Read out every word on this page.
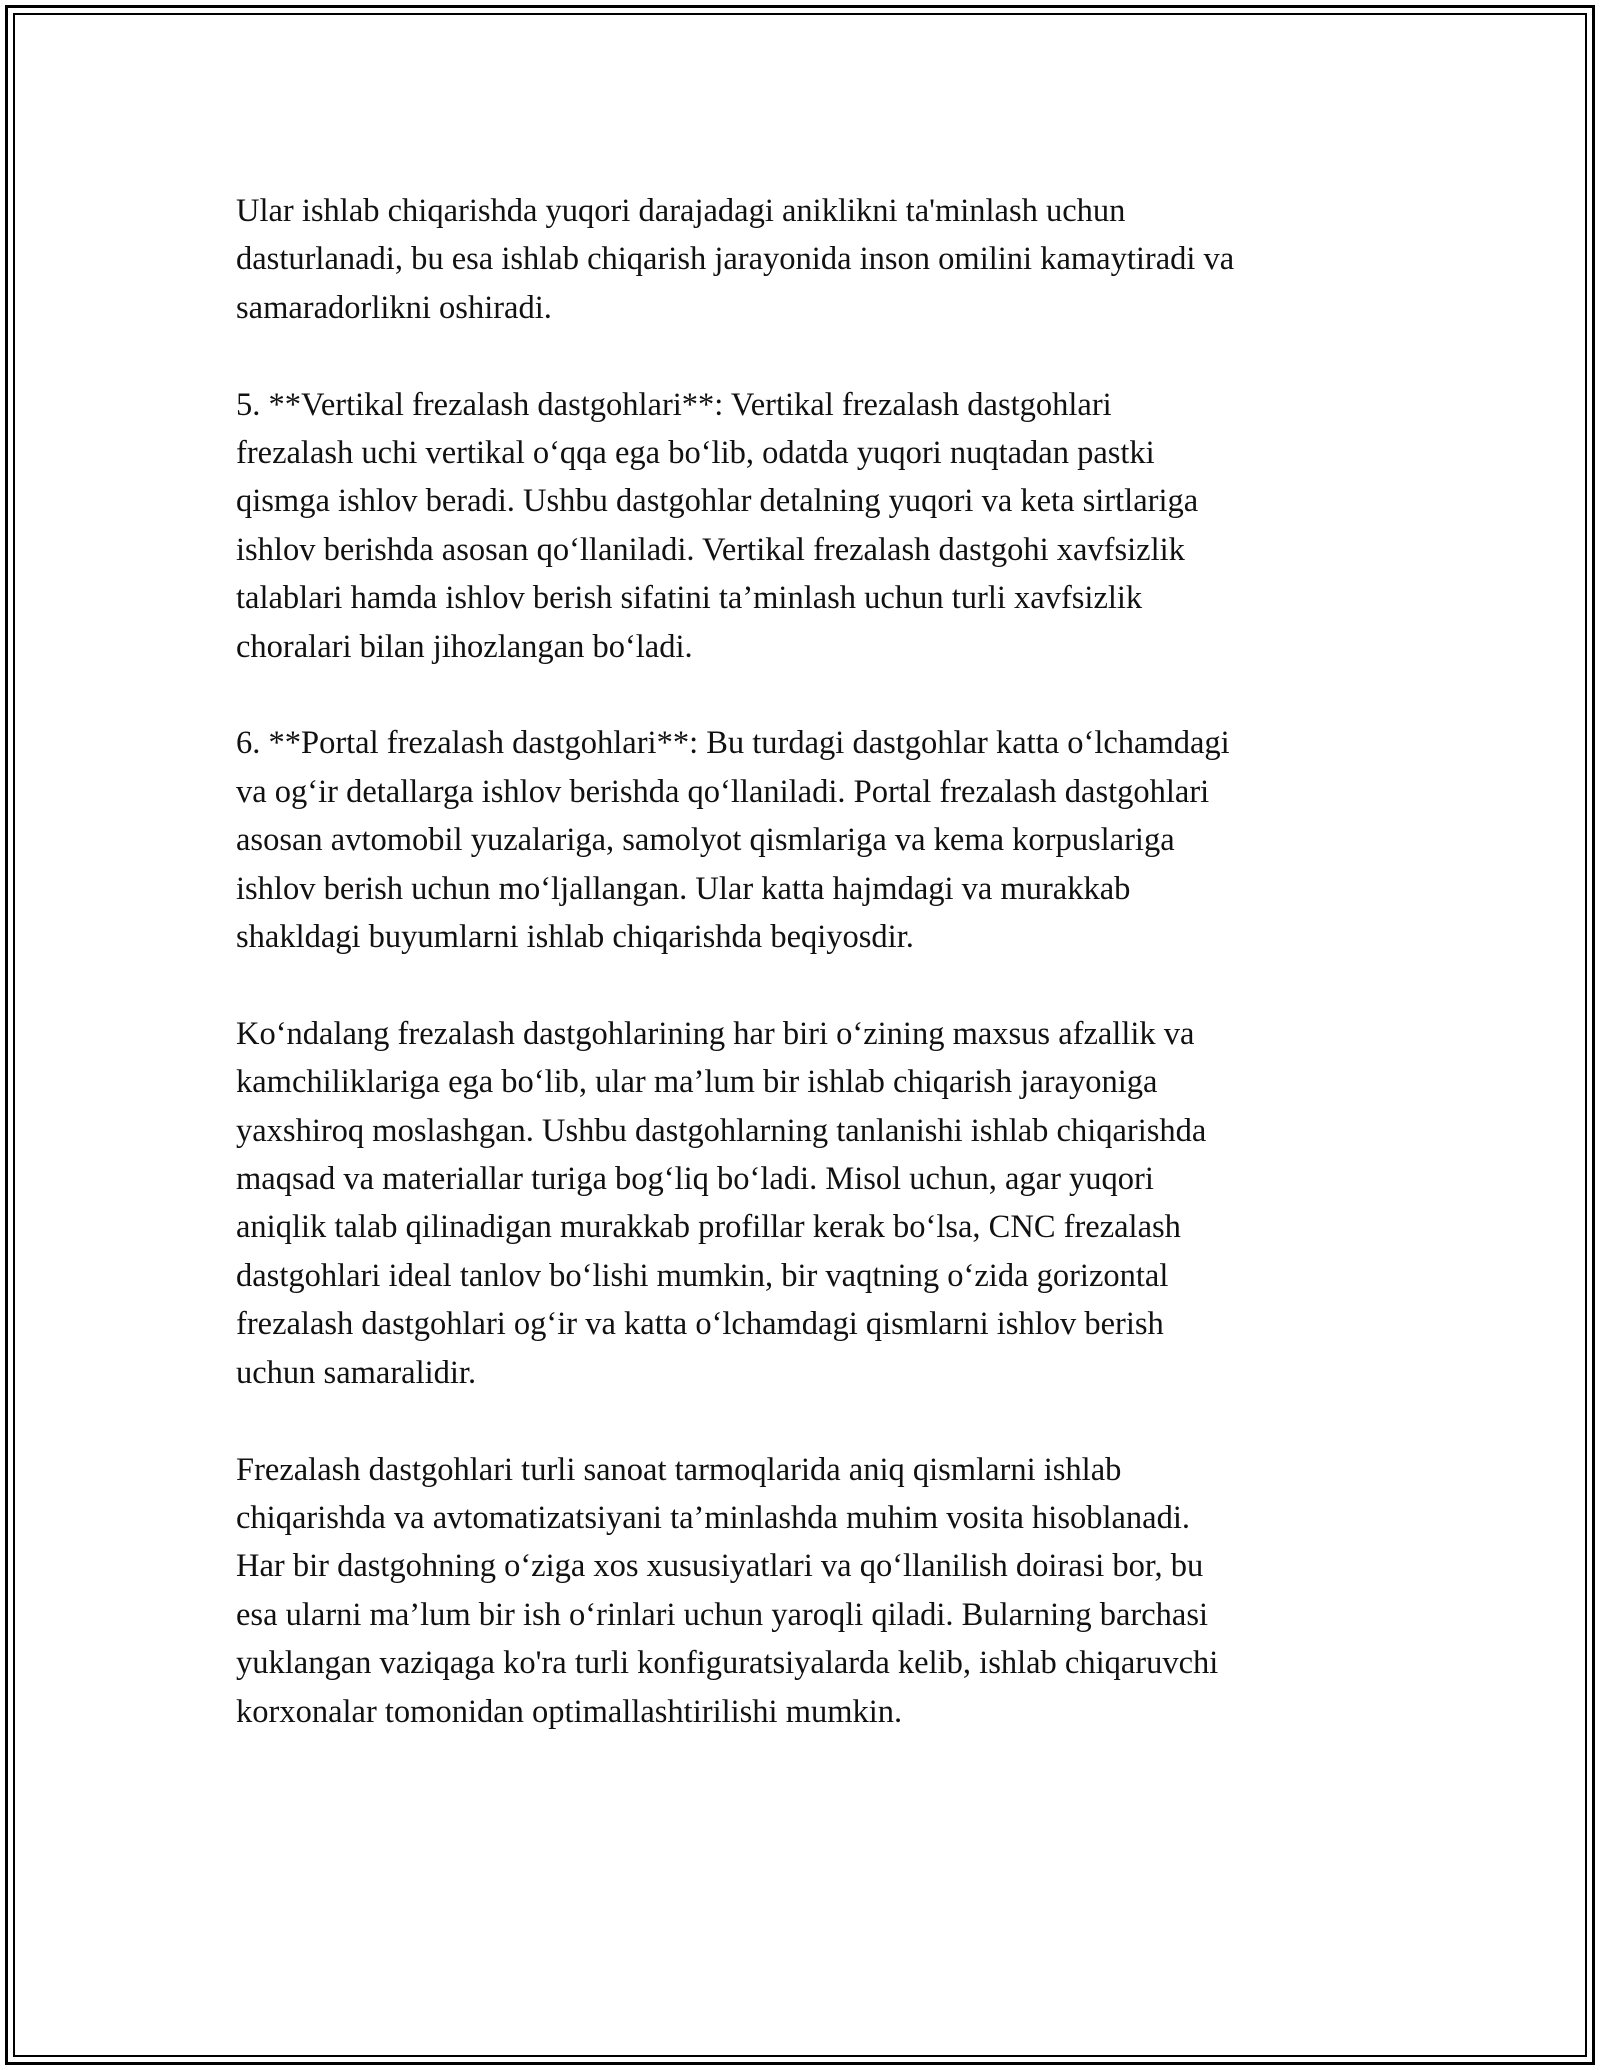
Ular ishlab chiqarishda yuqori darajadagi aniklikni ta'minlash uchun
dasturlanadi, bu esa ishlab chiqarish jarayonida inson omilini kamaytiradi va
samaradorlikni oshiradi.

5. **Vertikal frezalash dastgohlari**: Vertikal frezalash dastgohlari
frezalash uchi vertikal o‘qqa ega bo‘lib, odatda yuqori nuqtadan pastki
qismga ishlov beradi. Ushbu dastgohlar detalning yuqori va keta sirtlariga
ishlov berishda asosan qo‘llaniladi. Vertikal frezalash dastgohi xavfsizlik
talablari hamda ishlov berish sifatini ta’minlash uchun turli xavfsizlik
choralari bilan jihozlangan bo‘ladi.

6. **Portal frezalash dastgohlari**: Bu turdagi dastgohlar katta o‘lchamdagi
va og‘ir detallarga ishlov berishda qo‘llaniladi. Portal frezalash dastgohlari
asosan avtomobil yuzalariga, samolyot qismlariga va kema korpuslariga
ishlov berish uchun mo‘ljallangan. Ular katta hajmdagi va murakkab
shakldagi buyumlarni ishlab chiqarishda beqiyosdir.

Ko‘ndalang frezalash dastgohlarining har biri o‘zining maxsus afzallik va
kamchiliklariga ega bo‘lib, ular ma’lum bir ishlab chiqarish jarayoniga
yaxshiroq moslashgan. Ushbu dastgohlarning tanlanishi ishlab chiqarishda
maqsad va materiallar turiga bog‘liq bo‘ladi. Misol uchun, agar yuqori
aniqlik talab qilinadigan murakkab profillar kerak bo‘lsa, CNC frezalash
dastgohlari ideal tanlov bo‘lishi mumkin, bir vaqtning o‘zida gorizontal
frezalash dastgohlari og‘ir va katta o‘lchamdagi qismlarni ishlov berish
uchun samaralidir.

Frezalash dastgohlari turli sanoat tarmoqlarida aniq qismlarni ishlab
chiqarishda va avtomatizatsiyani ta’minlashda muhim vosita hisoblanadi.
Har bir dastgohning o‘ziga xos xususiyatlari va qo‘llanilish doirasi bor, bu
esa ularni ma’lum bir ish o‘rinlari uchun yaroqli qiladi. Bularning barchasi
yuklangan vaziqaga ko'ra turli konfiguratsiyalarda kelib, ishlab chiqaruvchi
korxonalar tomonidan optimallashtirilishi mumkin.
